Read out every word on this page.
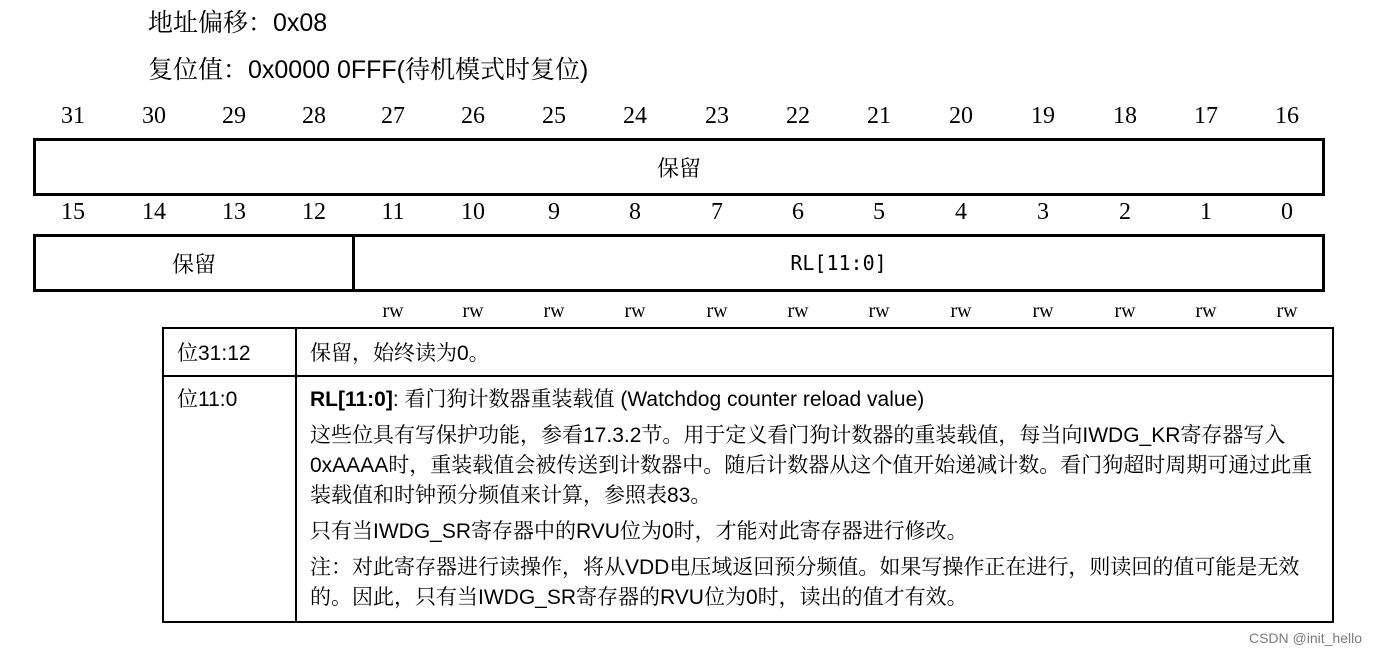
地址偏移：0x08
复位值：0x0000 0FFF(待机模式时复位)
31	30	29	28	27	26	25	24	23	22	21	20	19	18	17	16
保留
15	14	13	12	11	10	9	8	7	6	5	4	3	2	1	0
保留	RL[11:0]
rw	rw	rw	rw	rw	rw	rw	rw	rw	rw	rw	rw
位31:12	保留，始终读为0。
位11:0	RL[11:0]: 看门狗计数器重装载值 (Watchdog counter reload value)
这些位具有写保护功能，参看17.3.2节。用于定义看门狗计数器的重装载值，每当向IWDG_KR寄存器写入0xAAAA时，重装载值会被传送到计数器中。随后计数器从这个值开始递减计数。看门狗超时周期可通过此重装载值和时钟预分频值来计算，参照表83。
只有当IWDG_SR寄存器中的RVU位为0时，才能对此寄存器进行修改。
注：对此寄存器进行读操作，将从VDD电压域返回预分频值。如果写操作正在进行，则读回的值可能是无效的。因此，只有当IWDG_SR寄存器的RVU位为0时，读出的值才有效。
CSDN @init_hello
